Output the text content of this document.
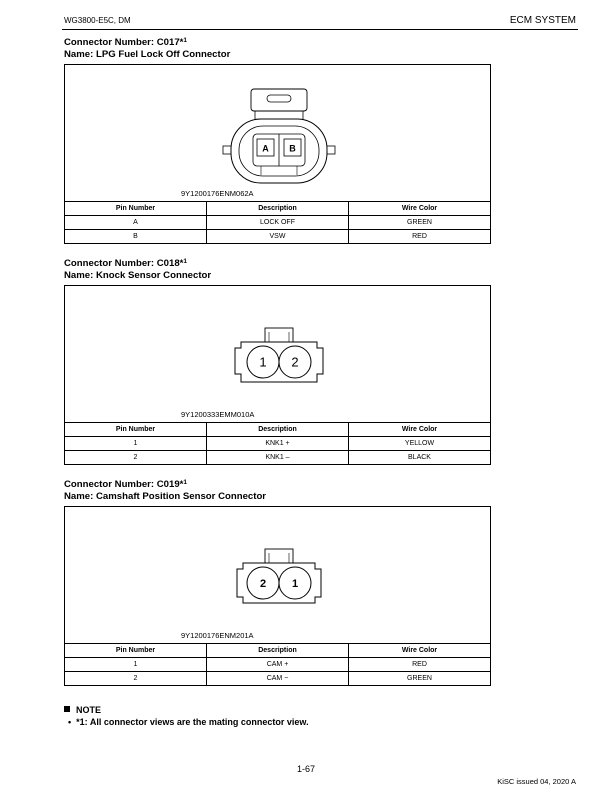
WG3800-E5C, DM	ECM SYSTEM
Connector Number: C017*$^1$
Name: LPG Fuel Lock Off Connector
A B
9Y1200176ENM062A
Pin Number	Description	Wire Color
A	LOCK OFF	GREEN
B	VSW	RED
Connector Number: C018*$^1$
Name: Knock Sensor Connector
1 2
9Y1200333EMM010A
Pin Number	Description	Wire Color
1	KNK1 +	YELLOW
2	KNK1 –	BLACK
Connector Number: C019*$^1$
Name: Camshaft Position Sensor Connector
2 1
9Y1200176ENM201A
Pin Number	Description	Wire Color
1	CAM +	RED
2	CAM −	GREEN
NOTE
• *1: All connector views are the mating connector view.
1-67
KiSC issued 04, 2020 A
